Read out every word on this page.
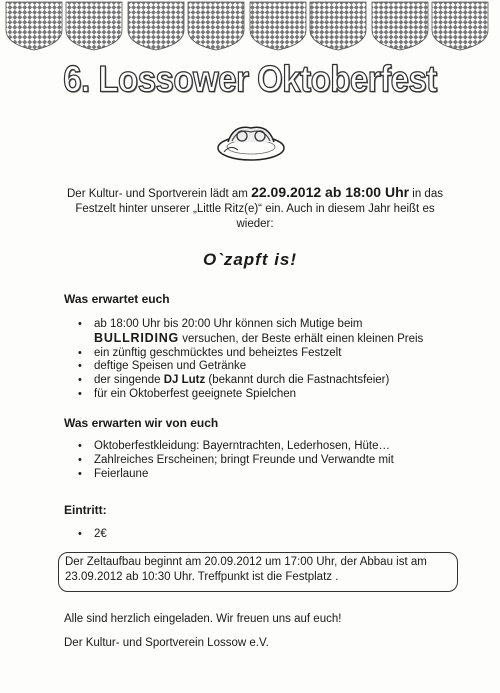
6. Lossower Oktoberfest
Der Kultur- und Sportverein lädt am 22.09.2012 ab 18:00 Uhr in das Festzelt hinter unserer „Little Ritz(e)“ ein. Auch in diesem Jahr heißt es wieder:
O`zapft is!
Was erwartet euch
• ab 18:00 Uhr bis 20:00 Uhr können sich Mutige beim
BULLRIDING versuchen, der Beste erhält einen kleinen Preis
• ein zünftig geschmücktes und beheiztes Festzelt
• deftige Speisen und Getränke
• der singende DJ Lutz (bekannt durch die Fastnachtsfeier)
• für ein Oktoberfest geeignete Spielchen
Was erwarten wir von euch
• Oktoberfestkleidung: Bayerntrachten, Lederhosen, Hüte…
• Zahlreiches Erscheinen; bringt Freunde und Verwandte mit
• Feierlaune
Eintritt:
• 2€
Der Zeltaufbau beginnt am 20.09.2012 um 17:00 Uhr, der Abbau ist am 23.09.2012 ab 10:30 Uhr. Treffpunkt ist die Festplatz .
Alle sind herzlich eingeladen. Wir freuen uns auf euch!
Der Kultur- und Sportverein Lossow e.V.
